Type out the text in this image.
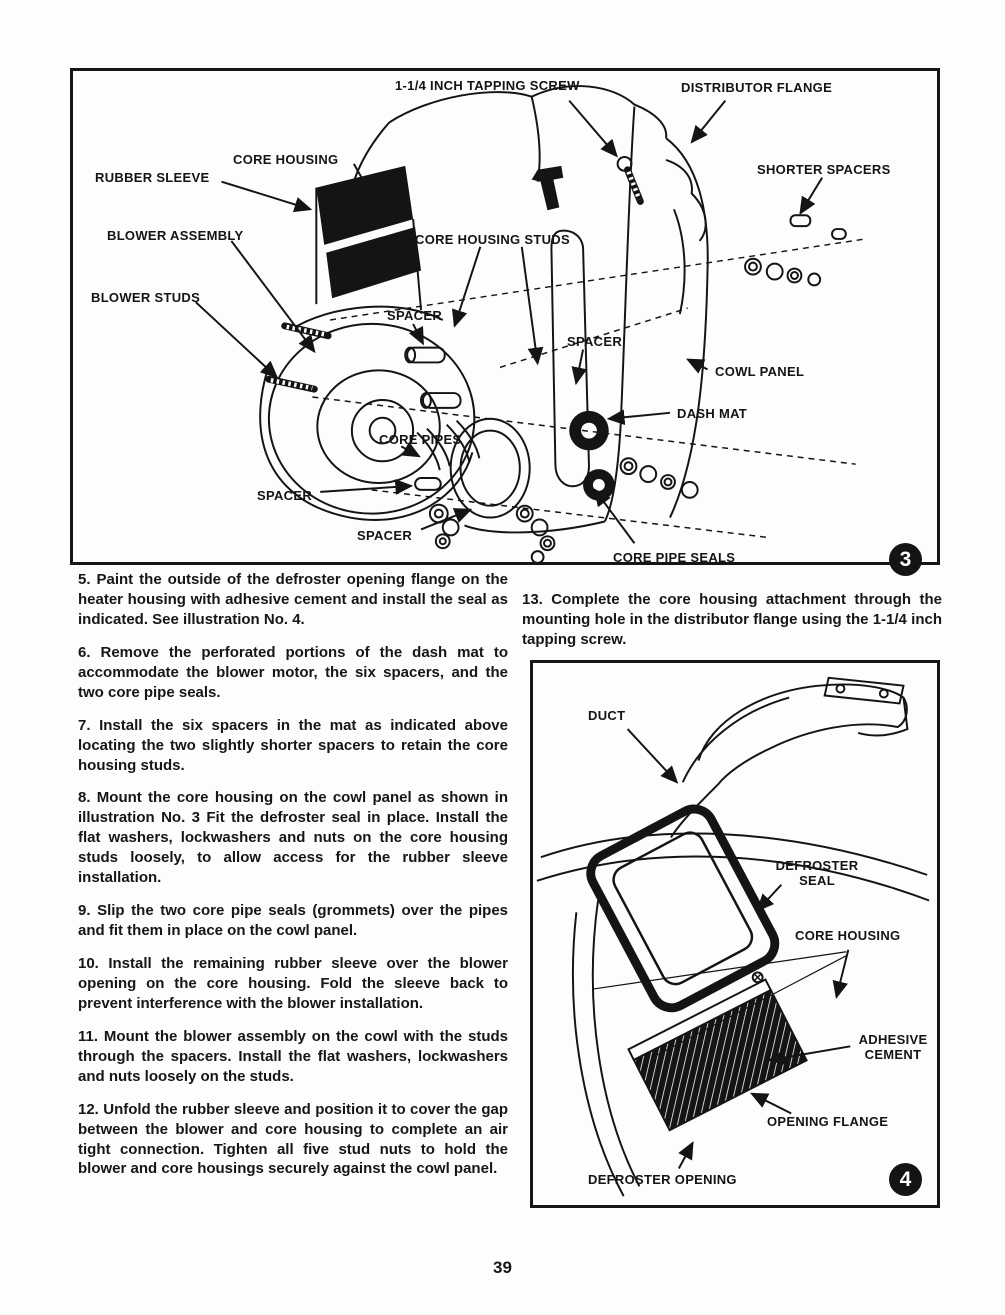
1-1/4 INCH TAPPING SCREW	DISTRIBUTOR FLANGE
CORE HOUSING
RUBBER SLEEVE
SHORTER SPACERS
BLOWER ASSEMBLY	CORE HOUSING STUDS
BLOWER STUDS
SPACER
SPACER
COWL PANEL
DASH MAT
CORE PIPES
SPACER
SPACER
CORE PIPE SEALS	3

5. Paint the outside of the defroster opening flange on the heater housing with adhesive cement and install the seal as indicated. See illustration No. 4.

6. Remove the perforated portions of the dash mat to accommodate the blower motor, the six spacers, and the two core pipe seals.

7. Install the six spacers in the mat as indicated above locating the two slightly shorter spacers to retain the core housing studs.

8. Mount the core housing on the cowl panel as shown in illustration No. 3 Fit the defroster seal in place. Install the flat washers, lockwashers and nuts on the core housing studs loosely, to allow access for the rubber sleeve installation.

9. Slip the two core pipe seals (grommets) over the pipes and fit them in place on the cowl panel.

10. Install the remaining rubber sleeve over the blower opening on the core housing. Fold the sleeve back to prevent interference with the blower installation.

11. Mount the blower assembly on the cowl with the studs through the spacers. Install the flat washers, lockwashers and nuts loosely on the studs.

12. Unfold the rubber sleeve and position it to cover the gap between the blower and core housing to complete an air tight connection. Tighten all five stud nuts to hold the blower and core housings securely against the cowl panel.

13. Complete the core housing attachment through the mounting hole in the distributor flange using the 1-1/4 inch tapping screw.

DUCT
DEFROSTER SEAL
CORE HOUSING
ADHESIVE CEMENT
OPENING FLANGE
DEFROSTER OPENING	4
39
